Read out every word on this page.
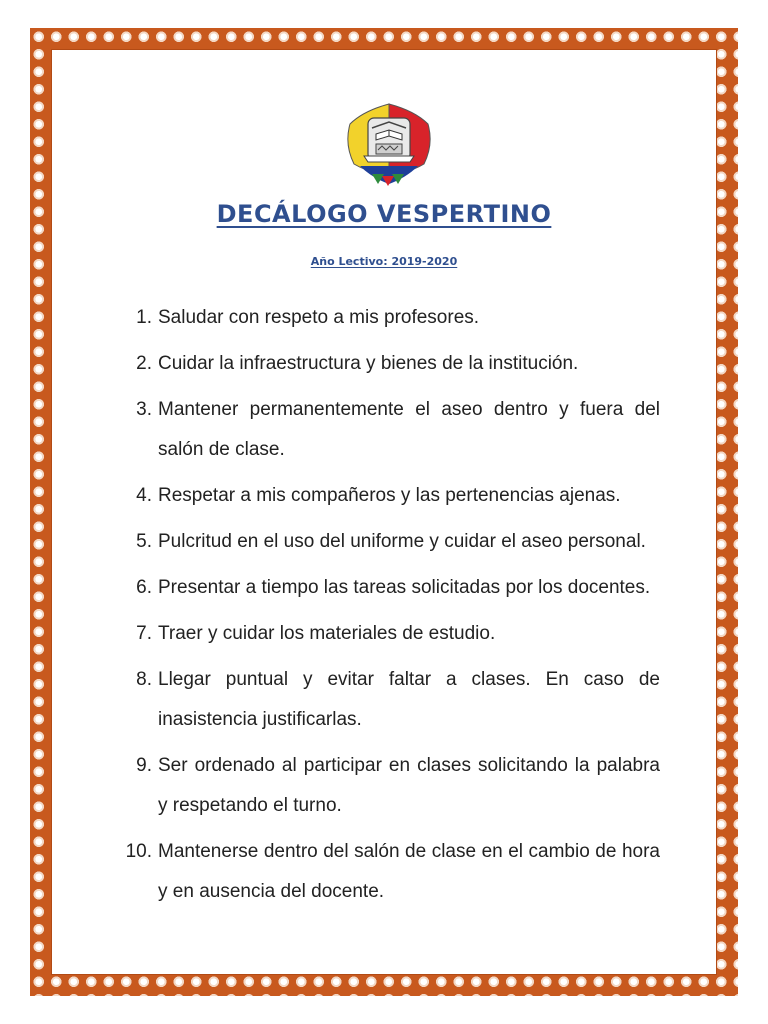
DECÁLOGO VESPERTINO
Año Lectivo: 2019-2020
1. Saludar con respeto a mis profesores.
2. Cuidar la infraestructura y bienes de la institución.
3. Mantener permanentemente el aseo dentro y fuera del salón de clase.
4. Respetar a mis compañeros y las pertenencias ajenas.
5. Pulcritud en el uso del uniforme y cuidar el aseo personal.
6. Presentar a tiempo las tareas solicitadas por los docentes.
7. Traer y cuidar los materiales de estudio.
8. Llegar puntual y evitar faltar a clases. En caso de inasistencia justificarlas.
9. Ser ordenado al participar en clases solicitando la palabra y respetando el turno.
10. Mantenerse dentro del salón de clase en el cambio de hora y en ausencia del docente.
